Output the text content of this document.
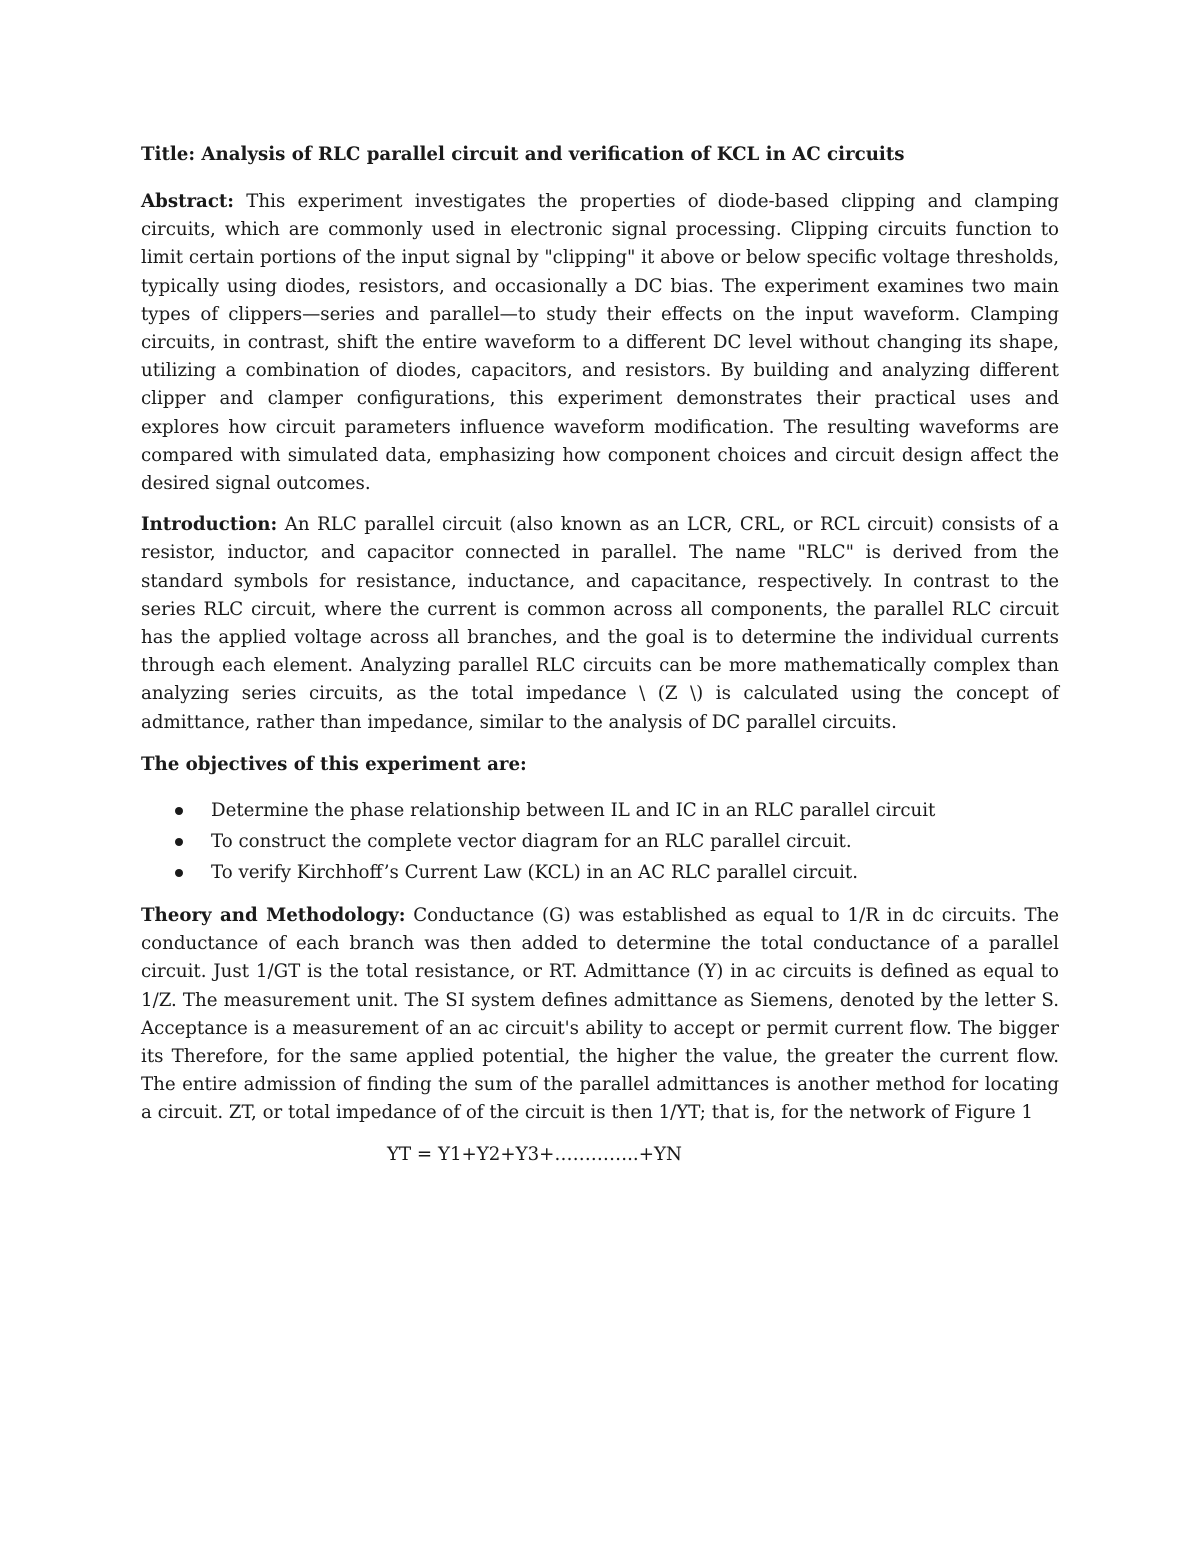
Title: Analysis of RLC parallel circuit and verification of KCL in AC circuits

Abstract: This experiment investigates the properties of diode-based clipping and clamping circuits, which are commonly used in electronic signal processing. Clipping circuits function to limit certain portions of the input signal by "clipping" it above or below specific voltage thresholds, typically using diodes, resistors, and occasionally a DC bias. The experiment examines two main types of clippers—series and parallel—to study their effects on the input waveform. Clamping circuits, in contrast, shift the entire waveform to a different DC level without changing its shape, utilizing a combination of diodes, capacitors, and resistors. By building and analyzing different clipper and clamper configurations, this experiment demonstrates their practical uses and explores how circuit parameters influence waveform modification. The resulting waveforms are compared with simulated data, emphasizing how component choices and circuit design affect the desired signal outcomes.

Introduction: An RLC parallel circuit (also known as an LCR, CRL, or RCL circuit) consists of a resistor, inductor, and capacitor connected in parallel. The name "RLC" is derived from the standard symbols for resistance, inductance, and capacitance, respectively. In contrast to the series RLC circuit, where the current is common across all components, the parallel RLC circuit has the applied voltage across all branches, and the goal is to determine the individual currents through each element. Analyzing parallel RLC circuits can be more mathematically complex than analyzing series circuits, as the total impedance \ (Z \) is calculated using the concept of admittance, rather than impedance, similar to the analysis of DC parallel circuits.

The objectives of this experiment are:
Determine the phase relationship between IL and IC in an RLC parallel circuit
To construct the complete vector diagram for an RLC parallel circuit.
To verify Kirchhoff’s Current Law (KCL) in an AC RLC parallel circuit.

Theory and Methodology: Conductance (G) was established as equal to 1/R in dc circuits. The conductance of each branch was then added to determine the total conductance of a parallel circuit. Just 1/GT is the total resistance, or RT. Admittance (Y) in ac circuits is defined as equal to 1/Z. The measurement unit. The SI system defines admittance as Siemens, denoted by the letter S. Acceptance is a measurement of an ac circuit's ability to accept or permit current flow. The bigger its Therefore, for the same applied potential, the higher the value, the greater the current flow. The entire admission of finding the sum of the parallel admittances is another method for locating a circuit. ZT, or total impedance of of the circuit is then 1/YT; that is, for the network of Figure 1

YT = Y1+Y2+Y3+…………..+YN
